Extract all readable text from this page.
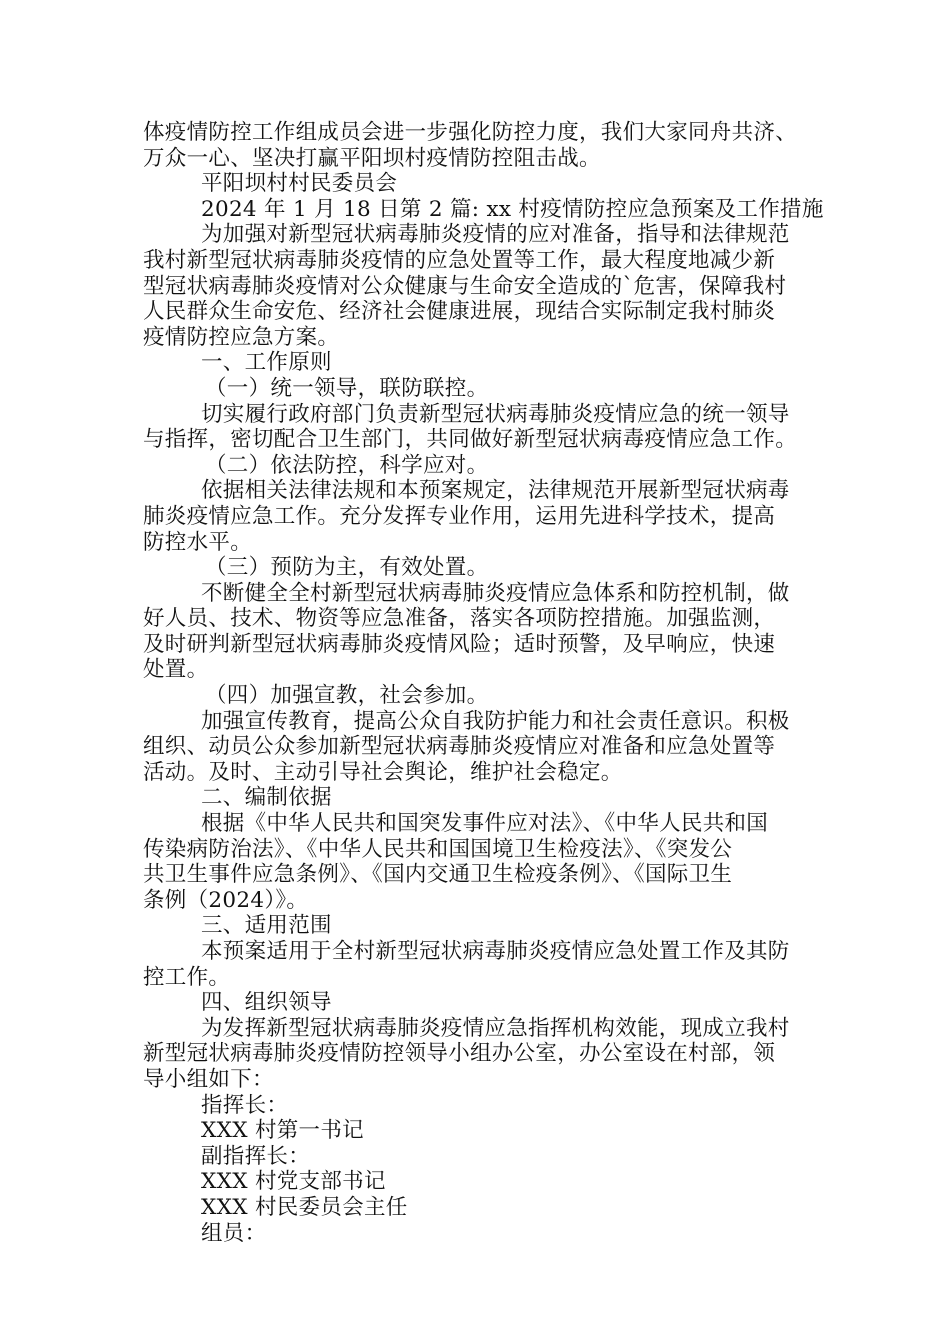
体疫情防控工作组成员会进一步强化防控力度，我们大家同舟共济、
万众一心、坚决打赢平阳坝村疫情防控阻击战。
平阳坝村村民委员会
2024 年 1 月 18 日第 2 篇: xx 村疫情防控应急预案及工作措施
为加强对新型冠状病毒肺炎疫情的应对准备，指导和法律规范
我村新型冠状病毒肺炎疫情的应急处置等工作，最大程度地减少新
型冠状病毒肺炎疫情对公众健康与生命安全造成的`危害，保障我村
人民群众生命安危、经济社会健康进展，现结合实际制定我村肺炎
疫情防控应急方案。
一、工作原则
（一）统一领导，联防联控。
切实履行政府部门负责新型冠状病毒肺炎疫情应急的统一领导
与指挥，密切配合卫生部门，共同做好新型冠状病毒疫情应急工作。
（二）依法防控，科学应对。
依据相关法律法规和本预案规定，法律规范开展新型冠状病毒
肺炎疫情应急工作。充分发挥专业作用，运用先进科学技术，提高
防控水平。
（三）预防为主，有效处置。
不断健全全村新型冠状病毒肺炎疫情应急体系和防控机制，做
好人员、技术、物资等应急准备，落实各项防控措施。加强监测，
及时研判新型冠状病毒肺炎疫情风险；适时预警，及早响应，快速
处置。
（四）加强宣教，社会参加。
加强宣传教育，提高公众自我防护能力和社会责任意识。积极
组织、动员公众参加新型冠状病毒肺炎疫情应对准备和应急处置等
活动。及时、主动引导社会舆论，维护社会稳定。
二、编制依据
根据《中华人民共和国突发事件应对法》、《中华人民共和国
传染病防治法》、《中华人民共和国国境卫生检疫法》、《突发公
共卫生事件应急条例》、《国内交通卫生检疫条例》、《国际卫生
条例（2024）》。
三、适用范围
本预案适用于全村新型冠状病毒肺炎疫情应急处置工作及其防
控工作。
四、组织领导
为发挥新型冠状病毒肺炎疫情应急指挥机构效能，现成立我村
新型冠状病毒肺炎疫情防控领导小组办公室，办公室设在村部，领
导小组如下：
指挥长：
XXX 村第一书记
副指挥长：
XXX 村党支部书记
XXX 村民委员会主任
组员：
